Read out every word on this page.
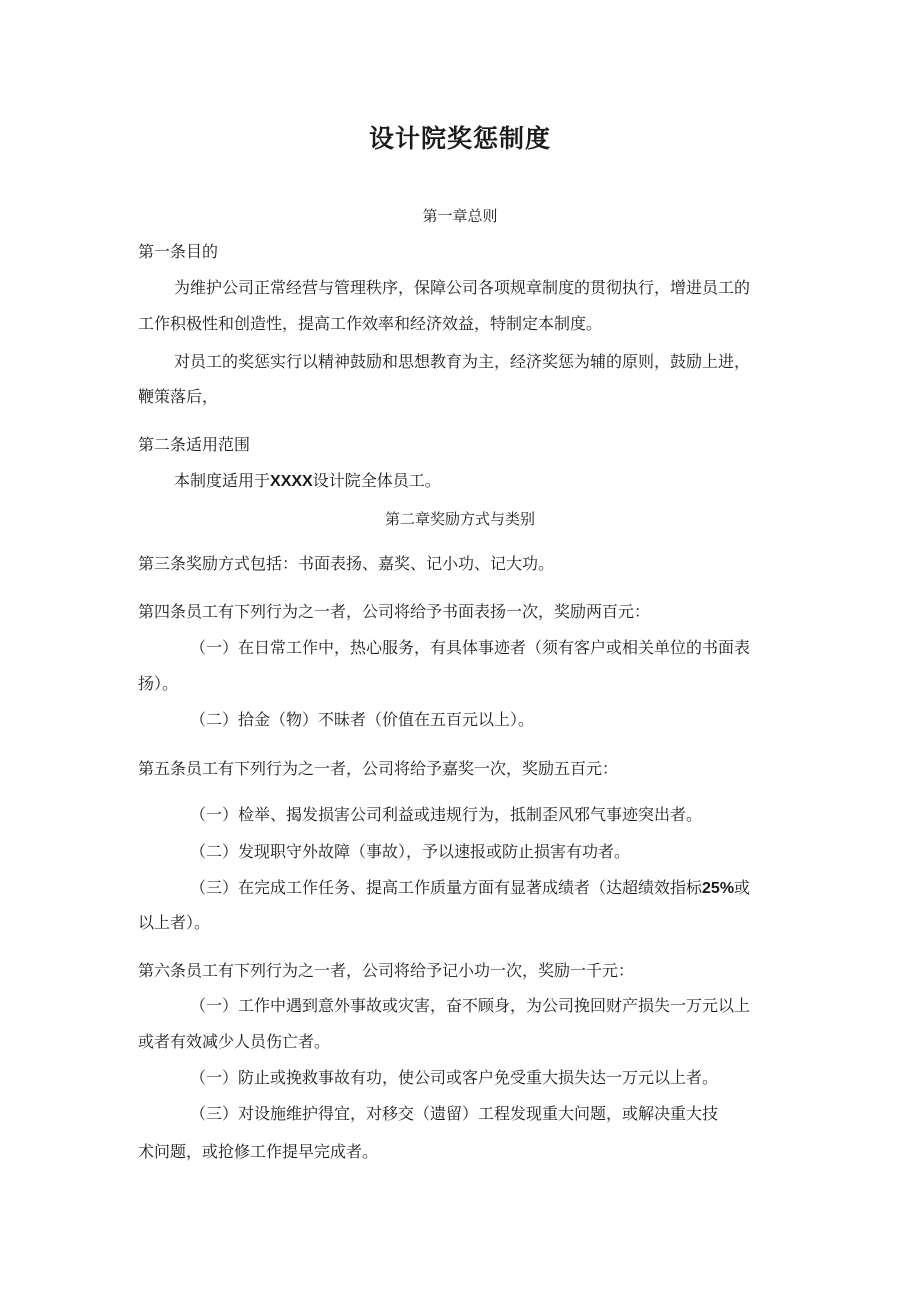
设计院奖惩制度

第一章总则

第一条目的

为维护公司正常经营与管理秩序，保障公司各项规章制度的贯彻执行，增进员工的

工作积极性和创造性，提高工作效率和经济效益，特制定本制度。

对员工的奖惩实行以精神鼓励和思想教育为主，经济奖惩为辅的原则，鼓励上进，

鞭策落后，

第二条适用范围

本制度适用于XXXX设计院全体员工。

第二章奖励方式与类别

第三条奖励方式包括：书面表扬、嘉奖、记小功、记大功。

第四条员工有下列行为之一者，公司将给予书面表扬一次，奖励两百元：

（一）在日常工作中，热心服务，有具体事迹者（须有客户或相关单位的书面表

扬）。

（二）拾金（物）不昧者（价值在五百元以上）。

第五条员工有下列行为之一者，公司将给予嘉奖一次，奖励五百元：

（一）检举、揭发损害公司利益或违规行为，抵制歪风邪气事迹突出者。

（二）发现职守外故障（事故），予以速报或防止损害有功者。

（三）在完成工作任务、提高工作质量方面有显著成绩者（达超绩效指标25%或

以上者）。

第六条员工有下列行为之一者，公司将给予记小功一次，奖励一千元：

（一）工作中遇到意外事故或灾害，奋不顾身，为公司挽回财产损失一万元以上

或者有效减少人员伤亡者。

（一）防止或挽救事故有功，使公司或客户免受重大损失达一万元以上者。

（三）对设施维护得宜，对移交（遗留）工程发现重大问题，或解决重大技

术问题，或抢修工作提早完成者。
